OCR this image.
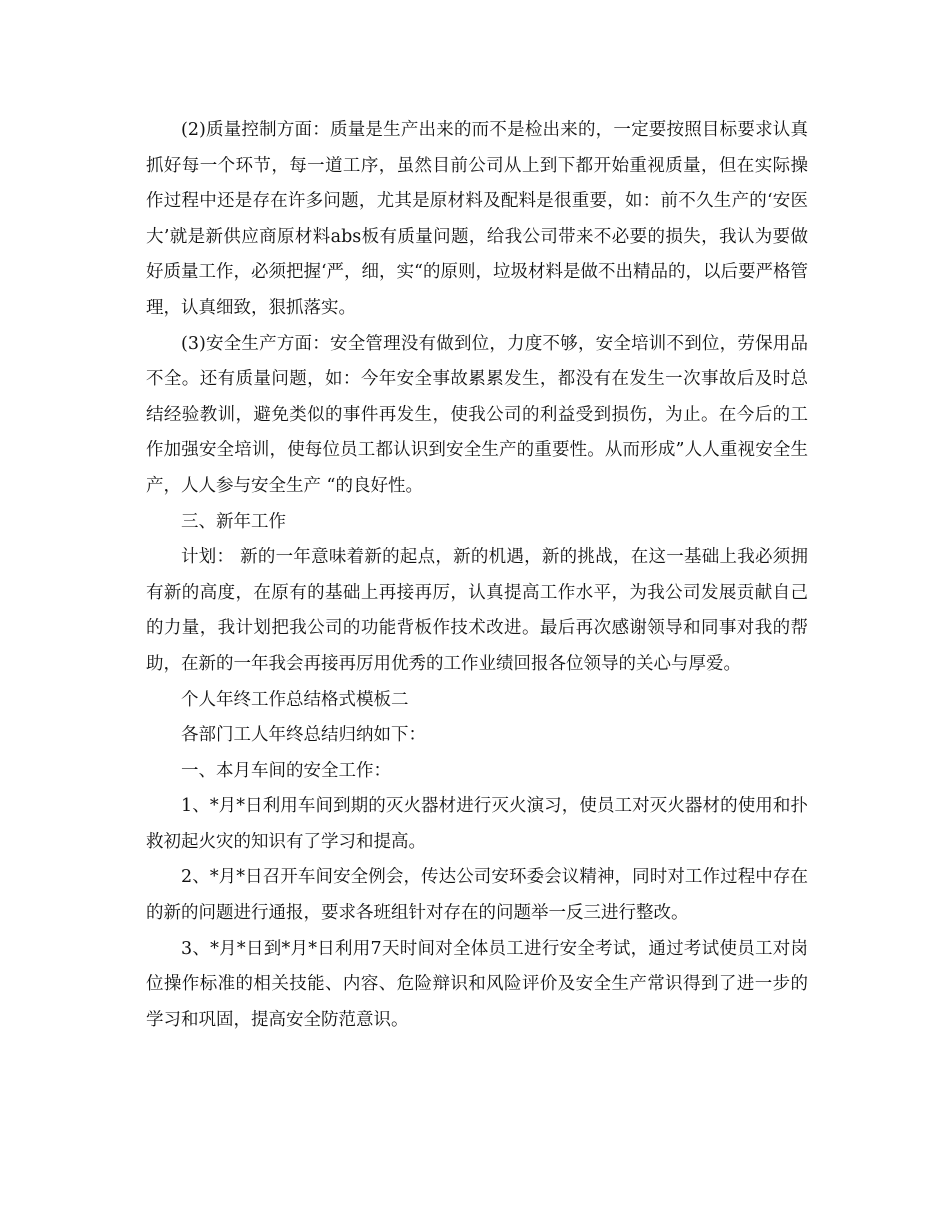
(2)质量控制方面：质量是生产出来的而不是检出来的，一定要按照目标要求认真抓好每一个环节，每一道工序，虽然目前公司从上到下都开始重视质量，但在实际操作过程中还是存在许多问题，尤其是原材料及配料是很重要，如：前不久生产的‘安医大’就是新供应商原材料abs板有质量问题，给我公司带来不必要的损失，我认为要做好质量工作，必须把握‘严，细，实“的原则，垃圾材料是做不出精品的，以后要严格管理，认真细致，狠抓落实。

(3)安全生产方面：安全管理没有做到位，力度不够，安全培训不到位，劳保用品不全。还有质量问题，如：今年安全事故累累发生，都没有在发生一次事故后及时总结经验教训，避免类似的事件再发生，使我公司的利益受到损伤，为止。在今后的工作加强安全培训，使每位员工都认识到安全生产的重要性。从而形成”人人重视安全生产，人人参与安全生产 “的良好性。

三、新年工作

计划： 新的一年意味着新的起点，新的机遇，新的挑战，在这一基础上我必须拥有新的高度，在原有的基础上再接再厉，认真提高工作水平，为我公司发展贡献自己的力量，我计划把我公司的功能背板作技术改进。最后再次感谢领导和同事对我的帮助，在新的一年我会再接再厉用优秀的工作业绩回报各位领导的关心与厚爱。

个人年终工作总结格式模板二

各部门工人年终总结归纳如下：

一、本月车间的安全工作：

1、*月*日利用车间到期的灭火器材进行灭火演习，使员工对灭火器材的使用和扑救初起火灾的知识有了学习和提高。

2、*月*日召开车间安全例会，传达公司安环委会议精神，同时对工作过程中存在的新的问题进行通报，要求各班组针对存在的问题举一反三进行整改。

3、*月*日到*月*日利用7天时间对全体员工进行安全考试，通过考试使员工对岗位操作标准的相关技能、内容、危险辩识和风险评价及安全生产常识得到了进一步的学习和巩固，提高安全防范意识。
